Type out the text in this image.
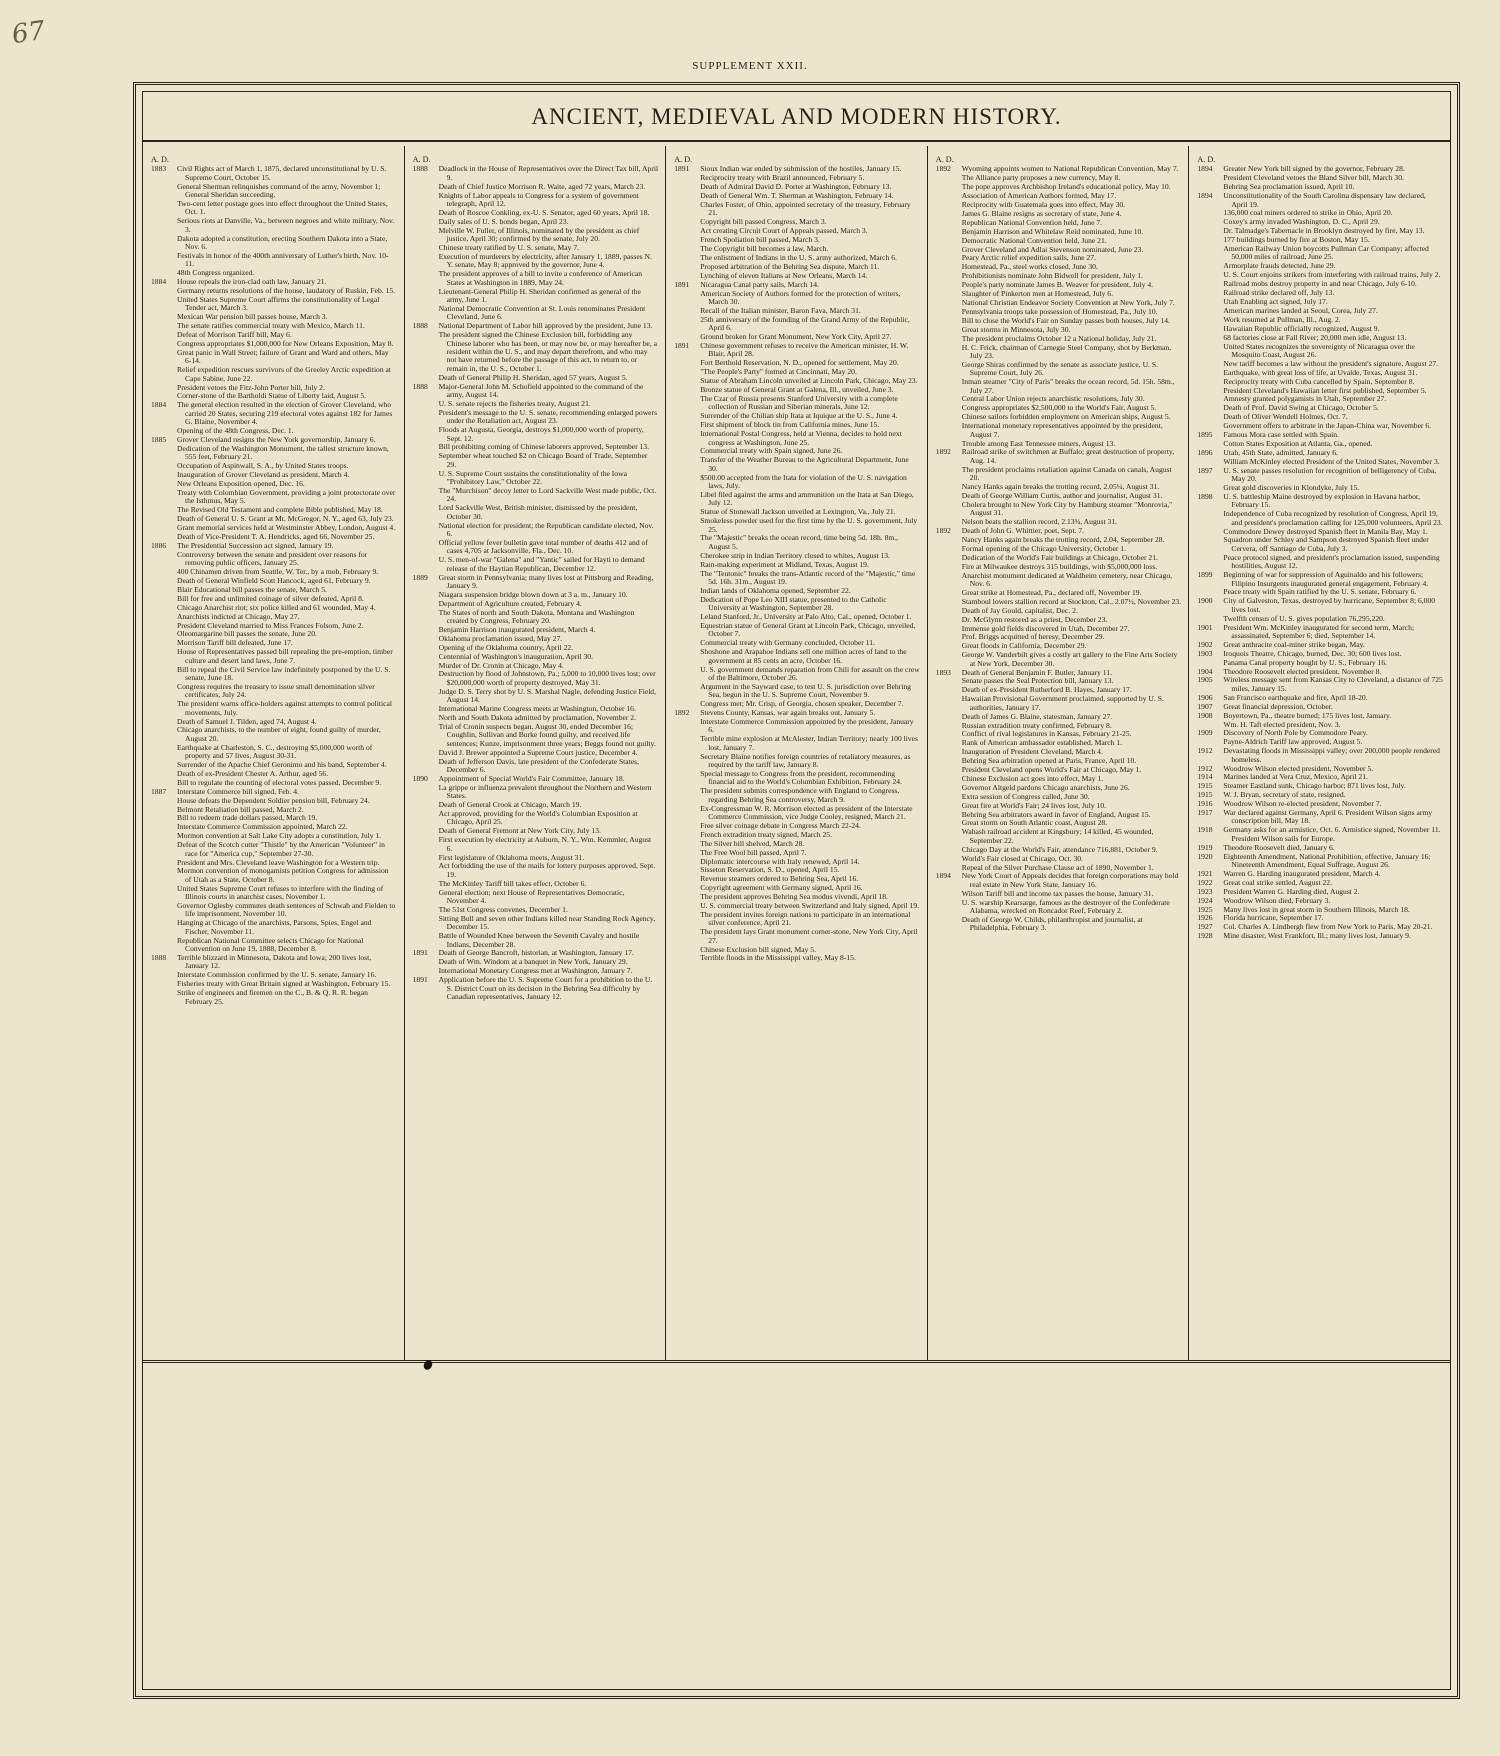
67
SUPPLEMENT XXII.
ANCIENT, MEDIEVAL AND MODERN HISTORY.
A. D.
1883	Civil Rights act of March 1, 1875, declared unconstitutional by U. S. Supreme Court, October 15.
General Sherman relinquishes command of the army, November 1; General Sheridan succeeding.
Two-cent letter postage goes into effect throughout the United States, Oct. 1.
Serious riots at Danville, Va., between negroes and white military, Nov. 3.
Dakota adopted a constitution, erecting Southern Dakota into a State, Nov. 6.
Festivals in honor of the 400th anniversary of Luther's birth, Nov. 10-11.
48th Congress organized.
1884	House repeals the iron-clad oath law, January 21.
Germany returns resolutions of the house, laudatory of Ruskin, Feb. 15.
United States Supreme Court affirms the constitutionality of Legal Tender act, March 3.
Mexican War pension bill passes house, March 3.
The senate ratifies commercial treaty with Mexico, March 11.
Defeat of Morrison Tariff bill, May 6.
Congress appropriates $1,000,000 for New Orleans Exposition, May 8.
Great panic in Wall Street; failure of Grant and Ward and others, May 6-14.
Relief expedition rescues survivors of the Greeley Arctic expedition at Cape Sabine, June 22.
President vetoes the Fitz-John Porter bill, July 2.
Corner-stone of the Bartholdi Statue of Liberty laid, August 5.
1884	The general election resulted in the election of Grover Cleveland, who carried 20 States, securing 219 electoral votes against 182 for James G. Blaine, November 4.
Opening of the 48th Congress, Dec. 1.
1885	Grover Cleveland resigns the New York governorship, January 6.
Dedication of the Washington Monument, the tallest structure known, 555 feet, February 21.
Occupation of Aspinwall, S. A., by United States troops.
Inauguration of Grover Cleveland as president, March 4.
New Orleans Exposition opened, Dec. 16.
Treaty with Colombian Government, providing a joint protectorate over the Isthmus, May 5.
The Revised Old Testament and complete Bible published, May 18.
Death of General U. S. Grant at Mt. McGregor, N. Y., aged 63, July 23.
Grant memorial services held at Westminster Abbey, London, August 4.
Death of Vice-President T. A. Hendricks, aged 66, November 25.
1886	The Presidential Succession act signed, January 19.
Controversy between the senate and president over reasons for removing public officers, January 25.
400 Chinamen driven from Seattle, W. Ter., by a mob, February 9.
Death of General Winfield Scott Hancock, aged 61, February 9.
Blair Educational bill passes the senate, March 5.
Bill for free and unlimited coinage of silver defeated, April 8.
Chicago Anarchist riot; six police killed and 61 wounded, May 4.
Anarchists indicted at Chicago, May 27.
President Cleveland married to Miss Frances Folsom, June 2.
Oleomargarine bill passes the senate, June 20.
Morrison Tariff bill defeated, June 17.
House of Representatives passed bill repealing the pre-emption, timber culture and desert land laws, June 7.
Bill to repeal the Civil Service law indefinitely postponed by the U. S. senate, June 18.
Congress requires the treasury to issue small denomination silver certificates, July 24.
The president warns office-holders against attempts to control political movements, July.
Death of Samuel J. Tilden, aged 74, August 4.
Chicago anarchists, to the number of eight, found guilty of murder, August 20.
Earthquake at Charleston, S. C., destroying $5,000,000 worth of property and 57 lives, August 30-31.
Surrender of the Apache Chief Geronimo and his band, September 4.
Death of ex-President Chester A. Arthur, aged 56.
Bill to regulate the counting of electoral votes passed, December 9.
1887	Interstate Commerce bill signed, Feb. 4.
House defeats the Dependent Soldier pension bill, February 24.
Belmont Retaliation bill passed, March 2.
Bill to redeem trade dollars passed, March 19.
Interstate Commerce Commission appointed, March 22.
Mormon convention at Salt Lake City adopts a constitution, July 1.
Defeat of the Scotch cutter "Thistle" by the American "Volunteer" in race for "America cup," September 27-30.
President and Mrs. Cleveland leave Washington for a Western trip.
Mormon convention of monogamists petition Congress for admission of Utah as a State, October 8.
United States Supreme Court refuses to interfere with the finding of Illinois courts in anarchist cases, November 1.
Governor Oglesby commutes death sentences of Schwab and Fielden to life imprisonment, November 10.
Hanging at Chicago of the anarchists, Parsons, Spies, Engel and Fischer, November 11.
Republican National Committee selects Chicago for National Convention on June 19, 1888, December 8.
1888	Terrible blizzard in Minnesota, Dakota and Iowa; 200 lives lost, January 12.
Interstate Commission confirmed by the U. S. senate, January 16.
Fisheries treaty with Great Britain signed at Washington, February 15.
Strike of engineers and firemen on the C., B. & Q. R. R. began February 25.
A. D.
1888	Deadlock in the House of Representatives over the Direct Tax bill, April 9.
Death of Chief Justice Morrison R. Waite, aged 72 years, March 23.
Knights of Labor appeals to Congress for a system of government telegraph, April 12.
Death of Roscoe Conkling, ex-U. S. Senator, aged 60 years, April 18.
Daily sales of U. S. bonds began, April 23.
Melville W. Fuller, of Illinois, nominated by the president as chief justice, April 30; confirmed by the senate, July 20.
Chinese treaty ratified by U. S. senate, May 7.
Execution of murderers by electricity, after January 1, 1889, passes N. Y. senate, May 8; approved by the governor, June 4.
The president approves of a bill to invite a conference of American States at Washington in 1889, May 24.
Lieutenant-General Philip H. Sheridan confirmed as general of the army, June 1.
National Democratic Convention at St. Louis renominates President Cleveland, June 6.
1888	National Department of Labor bill approved by the president, June 13.
The president signed the Chinese Exclusion bill, forbidding any Chinese laborer who has been, or may now be, or may hereafter be, a resident within the U. S., and may depart therefrom, and who may not have returned before the passage of this act, to return to, or remain in, the U. S., October 1.
Death of General Philip H. Sheridan, aged 57 years, August 5.
1888	Major-General John M. Schofield appointed to the command of the army, August 14.
U. S. senate rejects the fisheries treaty, August 21.
President's message to the U. S. senate, recommending enlarged powers under the Retaliation act, August 23.
Floods at Augusta, Georgia, destroys $1,000,000 worth of property, Sept. 12.
Bill prohibiting coming of Chinese laborers approved, September 13.
September wheat touched $2 on Chicago Board of Trade, September 29.
U. S. Supreme Court sustains the constitutionality of the Iowa "Prohibitory Law," October 22.
The "Murchison" decoy letter to Lord Sackville West made public, Oct. 24.
Lord Sackville West, British minister, dismissed by the president, October 30.
National election for president; the Republican candidate elected, Nov. 6.
Official yellow fever bulletin gave total number of deaths 412 and of cases 4,705 at Jacksonville, Fla., Dec. 10.
U. S. men-of-war "Galena" and "Yantic" sailed for Hayti to demand release of the Haytian Republican, December 12.
1889	Great storm in Pennsylvania; many lives lost at Pittsburg and Reading, January 9.
Niagara suspension bridge blown down at 3 a. m., January 10.
Department of Agriculture created, February 4.
The States of north and South Dakota, Montana and Washington created by Congress, February 20.
Benjamin Harrison inaugurated president, March 4.
Oklahoma proclamation issued, May 27.
Opening of the Oklahoma country, April 22.
Centennial of Washington's inauguration, April 30.
Murder of Dr. Cronin at Chicago, May 4.
Destruction by flood of Johnstown, Pa.; 5,000 to 10,000 lives lost; over $20,000,000 worth of property destroyed, May 31.
Judge D. S. Terry shot by U. S. Marshal Nagle, defending Justice Field, August 14.
International Marine Congress meets at Washington, October 16.
North and South Dakota admitted by proclamation, November 2.
Trial of Cronin suspects began, August 30, ended December 16; Coughlin, Sullivan and Burke found guilty, and received life sentences; Kunze, imprisonment three years; Beggs found not guilty.
David J. Brewer appointed a Supreme Court justice, December 4.
Death of Jefferson Davis, late president of the Confederate States, December 6.
1890	Appointment of Special World's Fair Committee, January 18.
La grippe or influenza prevalent throughout the Northern and Western States.
Death of General Crook at Chicago, March 19.
Act approved, providing for the World's Columbian Exposition at Chicago, April 25.
Death of General Fremont at New York City, July 13.
First execution by electricity at Auburn, N. Y., Wm. Kemmler, August 6.
First legislature of Oklahoma meets, August 31.
Act forbidding the use of the mails for lottery purposes approved, Sept. 19.
The McKinley Tariff bill takes effect, October 6.
General election; next House of Representatives Democratic, November 4.
The 51st Congress convenes, December 1.
Sitting Bull and seven other Indians killed near Standing Rock Agency, December 15.
Battle of Wounded Knee between the Seventh Cavalry and hostile Indians, December 28.
1891	Death of George Bancroft, historian, at Washington, January 17.
Death of Wm. Windom at a banquet in New York, January 29.
International Monetary Congress met at Washington, January 7.
1891	Application before the U. S. Supreme Court for a prohibition to the U. S. District Court on its decision in the Behring Sea difficulty by Canadian representatives, January 12.
A. D.
1891	Sioux Indian war ended by submission of the hostiles, January 15.
Reciprocity treaty with Brazil announced, February 5.
Death of Admiral David D. Porter at Washington, February 13.
Death of General Wm. T. Sherman at Washington, February 14.
Charles Foster, of Ohio, appointed secretary of the treasury, February 21.
Copyright bill passed Congress, March 3.
Act creating Circuit Court of Appeals passed, March 3.
French Spoliation bill passed, March 3.
The Copyright bill becomes a law, March.
The enlistment of Indians in the U. S. army authorized, March 6.
Proposed arbitration of the Behring Sea dispute, March 11.
Lynching of eleven Italians at New Orleans, March 14.
1891	Nicaragua Canal party sails, March 14.
American Society of Authors formed for the protection of writers, March 30.
Recall of the Italian minister, Baron Fava, March 31.
25th anniversary of the founding of the Grand Army of the Republic, April 6.
Ground broken for Grant Monument, New York City, April 27.
1891	Chinese government refuses to receive the American minister, H. W. Blair, April 28.
Fort Berthold Reservation, N. D., opened for settlement, May 20.
"The People's Party" formed at Cincinnati, May 20.
Statue of Abraham Lincoln unveiled at Lincoln Park, Chicago, May 23.
Bronze statue of General Grant at Galena, Ill., unveiled, June 3.
The Czar of Russia presents Stanford University with a complete collection of Russian and Siberian minerals, June 12.
Surrender of the Chilian ship Itata at Iquique at the U. S., June 4.
First shipment of block tin from California mines, June 15.
International Postal Congress, held at Vienna, decides to hold next congress at Washington, June 25.
Commercial treaty with Spain signed, June 26.
Transfer of the Weather Bureau to the Agricultural Department, June 30.
$500.00 accepted from the Itata for violation of the U. S. navigation laws, July.
Libel filed against the arms and ammunition on the Itata at San Diego, July 12.
Statue of Stonewall Jackson unveiled at Lexington, Va., July 21.
Smokeless powder used for the first time by the U. S. government, July 25.
The "Majestic" breaks the ocean record, time being 5d. 18h. 8m., August 5.
Cherokee strip in Indian Territory closed to whites, August 13.
Rain-making experiment at Midland, Texas, August 19.
The "Teutonic" breaks the trans-Atlantic record of the "Majestic," time 5d. 16h. 31m., August 19.
Indian lands of Oklahoma opened, September 22.
Dedication of Pope Leo XIII statue, presented to the Catholic University at Washington, September 28.
Leland Stanford, Jr., University at Palo Alto, Cal., opened, October 1.
Equestrian statue of General Grant at Lincoln Park, Chicago, unveiled, October 7.
Commercial treaty with Germany concluded, October 11.
Shoshone and Arapahoe Indians sell one million acres of land to the government at 85 cents an acre, October 16.
U. S. government demands reparation from Chili for assault on the crew of the Baltimore, October 26.
Argument in the Sayward case, to test U. S. jurisdiction over Behring Sea, begun in the U. S. Supreme Court, November 9.
Congress met; Mr. Crisp, of Georgia, chosen speaker, December 7.
1892	Stevens County, Kansas, war again breaks out, January 5.
Interstate Commerce Commission appointed by the president, January 6.
Terrible mine explosion at McAlester, Indian Territory; nearly 100 lives lost, January 7.
Secretary Blaine notifies foreign countries of retaliatory measures, as required by the tariff law, January 8.
Special message to Congress from the president, recommending financial aid to the World's Columbian Exhibition, February 24.
The president submits correspondence with England to Congress, regarding Behring Sea controversy, March 9.
Ex-Congressman W. R. Morrison elected as president of the Interstate Commerce Commission, vice Judge Cooley, resigned, March 21.
Free silver coinage debate in Congress March 22-24.
French extradition treaty signed, March 25.
The Silver bill shelved, March 28.
The Free Wool bill passed, April 7.
Diplomatic intercourse with Italy renewed, April 14.
Sisseton Reservation, S. D., opened, April 15.
Revenue steamers ordered to Behring Sea, April 16.
Copyright agreement with Germany signed, April 16.
The president approves Behring Sea modus vivendi, April 18.
U. S. commercial treaty between Switzerland and Italy signed, April 19.
The president invites foreign nations to participate in an international silver conference, April 21.
The president lays Grant monument corner-stone, New York City, April 27.
Chinese Exclusion bill signed, May 5.
Terrible floods in the Mississippi valley, May 8-15.
A. D.
1892	Wyoming appoints women to National Republican Convention, May 7.
The Alliance party proposes a new currency, May 8.
The pope approves Archbishop Ireland's educational policy, May 10.
Association of American Authors formed, May 17.
Reciprocity with Guatemala goes into effect, May 30.
James G. Blaine resigns as secretary of state, June 4.
Republican National Convention held, June 7.
Benjamin Harrison and Whitelaw Reid nominated, June 10.
Democratic National Convention held, June 21.
Grover Cleveland and Adlai Stevenson nominated, June 23.
Peary Arctic relief expedition sails, June 27.
Homestead, Pa., steel works closed, June 30.
Prohibitionists nominate John Bidwell for president, July 1.
People's party nominate James B. Weaver for president, July 4.
Slaughter of Pinkerton men at Homestead, July 6.
National Christian Endeavor Society Convention at New York, July 7.
Pennsylvania troops take possession of Homestead, Pa., July 10.
Bill to close the World's Fair on Sunday passes both houses, July 14.
Great storms in Minnesota, July 30.
The president proclaims October 12 a National holiday, July 21.
H. C. Frick, chairman of Carnegie Steel Company, shot by Berkman, July 23.
George Shiras confirmed by the senate as associate justice, U. S. Supreme Court, July 26.
Inman steamer "City of Paris" breaks the ocean record, 5d. 15h. 58m., July 27.
Central Labor Union rejects anarchistic resolutions, July 30.
Congress appropriates $2,500,000 to the World's Fair, August 5.
Chinese sailors forbidden employment on American ships, August 5.
International monetary representatives appointed by the president, August 7.
Trouble among East Tennessee miners, August 13.
1892	Railroad strike of switchmen at Buffalo; great destruction of property, Aug. 14.
The president proclaims retaliation against Canada on canals, August 20.
Nancy Hanks again breaks the trotting record, 2.05¼, August 31.
Death of George William Curtis, author and journalist, August 31.
Cholera brought to New York City by Hamburg steamer "Monrovia," August 31.
Nelson beats the stallion record, 2.13¾, August 31.
1892	Death of John G. Whittier, poet, Sept. 7.
Nancy Hanks again breaks the trotting record, 2.04, September 28.
Formal opening of the Chicago University, October 1.
Dedication of the World's Fair buildings at Chicago, October 21.
Fire at Milwaukee destroys 315 buildings, with $5,000,000 loss.
Anarchist monument dedicated at Waldheim cemetery, near Chicago, Nov. 6.
Great strike at Homestead, Pa., declared off, November 19.
Stamboul lowers stallion record at Stockton, Cal., 2.07½, November 23.
Death of Jay Gould, capitalist, Dec. 2.
Dr. McGlynn restored as a priest, December 23.
Immense gold fields discovered in Utah, December 27.
Prof. Briggs acquitted of heresy, December 29.
Great floods in California, December 29.
George W. Vanderbilt gives a costly art gallery to the Fine Arts Society at New York, December 30.
1893	Death of General Benjamin F. Butler, January 11.
Senate passes the Seal Protection bill, January 13.
Death of ex-President Rutherford B. Hayes, January 17.
Hawaiian Provisional Government proclaimed, supported by U. S. authorities, January 17.
Death of James G. Blaine, statesman, January 27.
Russian extradition treaty confirmed, February 8.
Conflict of rival legislatures in Kansas, February 21-25.
Rank of American ambassador established, March 1.
Inauguration of President Cleveland, March 4.
Behring Sea arbitration opened at Paris, France, April 10.
President Cleveland opens World's Fair at Chicago, May 1.
Chinese Exclusion act goes into effect, May 1.
Governor Altgeld pardons Chicago anarchists, June 26.
Extra session of Congress called, June 30.
Great fire at World's Fair; 24 lives lost, July 10.
Behring Sea arbitrators award in favor of England, August 15.
Great storm on South Atlantic coast, August 28.
Wabash railroad accident at Kingsbury; 14 killed, 45 wounded, September 22.
Chicago Day at the World's Fair, attendance 716,881, October 9.
World's Fair closed at Chicago, Oct. 30.
Repeal of the Silver Purchase Clause act of 1890, November 1.
1894	New York Court of Appeals decides that foreign corporations may hold real estate in New York State, January 16.
Wilson Tariff bill and income tax passes the house, January 31.
U. S. warship Kearsarge, famous as the destroyer of the Confederate Alabama, wrecked on Roncador Reef, February 2.
Death of George W. Childs, philanthropist and journalist, at Philadelphia, February 3.
A. D.
1894	Greater New York bill signed by the governor, February 28.
President Cleveland vetoes the Bland Silver bill, March 30.
Behring Sea proclamation issued, April 10.
1894	Unconstitutionality of the South Carolina dispensary law declared, April 19.
136,000 coal miners ordered to strike in Ohio, April 20.
Coxey's army invaded Washington, D. C., April 29.
Dr. Talmadge's Tabernacle in Brooklyn destroyed by fire, May 13.
177 buildings burned by fire at Boston, May 15.
American Railway Union boycotts Pullman Car Company; affected 50,000 miles of railroad, June 25.
Armorplate frauds detected, June 29.
U. S. Court enjoins strikers from interfering with railroad trains, July 2.
Railroad mobs destroy property in and near Chicago, July 6-10.
Railroad strike declared off, July 13.
Utah Enabling act signed, July 17.
American marines landed at Seoul, Corea, July 27.
Work resumed at Pullman, Ill., Aug. 2.
Hawaiian Republic officially recognized, August 9.
68 factories close at Fall River; 20,000 men idle, August 13.
United States recognizes the sovereignty of Nicaragua over the Mosquito Coast, August 26.
New tariff becomes a law without the president's signature, August 27.
Earthquake, with great loss of life, at Uvalde, Texas, August 31.
Reciprocity treaty with Cuba cancelled by Spain, September 8.
President Cleveland's Hawaiian letter first published, September 5.
Amnesty granted polygamists in Utah, September 27.
Death of Prof. David Swing at Chicago, October 5.
Death of Oliver Wendell Holmes, Oct. 7.
Government offers to arbitrate in the Japan-China war, November 6.
1895	Famous Mora case settled with Spain.
Cotton States Exposition at Atlanta, Ga., opened.
1896	Utah, 45th State, admitted, January 6.
William McKinley elected President of the United States, November 3.
1897	U. S. senate passes resolution for recognition of belligerency of Cuba, May 20.
Great gold discoveries in Klondyke, July 15.
1898	U. S. battleship Maine destroyed by explosion in Havana harbor, February 15.
Independence of Cuba recognized by resolution of Congress, April 19, and president's proclamation calling for 125,000 volunteers, April 23.
Commodore Dewey destroyed Spanish fleet in Manila Bay, May 1.
Squadron under Schley and Sampson destroyed Spanish fleet under Cervera, off Santiago de Cuba, July 3.
Peace protocol signed, and president's proclamation issued, suspending hostilities, August 12.
1899	Beginning of war for suppression of Aguinaldo and his followers; Filipino Insurgents inaugurated general engagement, February 4.
Peace treaty with Spain ratified by the U. S. senate, February 6.
1900	City of Galveston, Texas, destroyed by hurricane, September 8; 6,000 lives lost.
Twelfth census of U. S. gives population 76,295,220.
1901	President Wm. McKinley inaugurated for second term, March; assassinated, September 6; died, September 14.
1902	Great anthracite coal-miner strike began, May.
1903	Iroquois Theatre, Chicago, burned, Dec. 30; 600 lives lost.
Panama Canal property bought by U. S., February 16.
1904	Theodore Roosevelt elected president, November 8.
1905	Wireless message sent from Kansas City to Cleveland, a distance of 725 miles, January 15.
1906	San Francisco earthquake and fire, April 18-20.
1907	Great financial depression, October.
1908	Boyertown, Pa., theatre burned; 175 lives lost, January.
Wm. H. Taft elected president, Nov. 3.
1909	Discovery of North Pole by Commodore Peary.
Payne-Aldrich Tariff law approved, August 5.
1912	Devastating floods in Mississippi valley; over 200,000 people rendered homeless.
1912	Woodrow Wilson elected president, November 5.
1914	Marines landed at Vera Cruz, Mexico, April 21.
1915	Steamer Eastland sunk, Chicago harbor; 871 lives lost, July.
1915	W. J. Bryan, secretary of state, resigned.
1916	Woodrow Wilson re-elected president, November 7.
1917	War declared against Germany, April 6. President Wilson signs army conscription bill, May 18.
1918	Germany asks for an armistice, Oct. 6. Armistice signed, November 11. President Wilson sails for Europe.
1919	Theodore Roosevelt died, January 6.
1920	Eighteenth Amendment, National Prohibition, effective, January 16; Nineteenth Amendment, Equal Suffrage, August 26.
1921	Warren G. Harding inaugurated president, March 4.
1922	Great coal strike settled, August 22.
1923	President Warren G. Harding died, August 2.
1924	Woodrow Wilson died, February 3.
1925	Many lives lost in great storm in Southern Illinois, March 18.
1926	Florida hurricane, September 17.
1927	Col. Charles A. Lindbergh flew from New York to Paris, May 20-21.
1928	Mine disaster, West Frankfort, Ill.; many lives lost, January 9.
